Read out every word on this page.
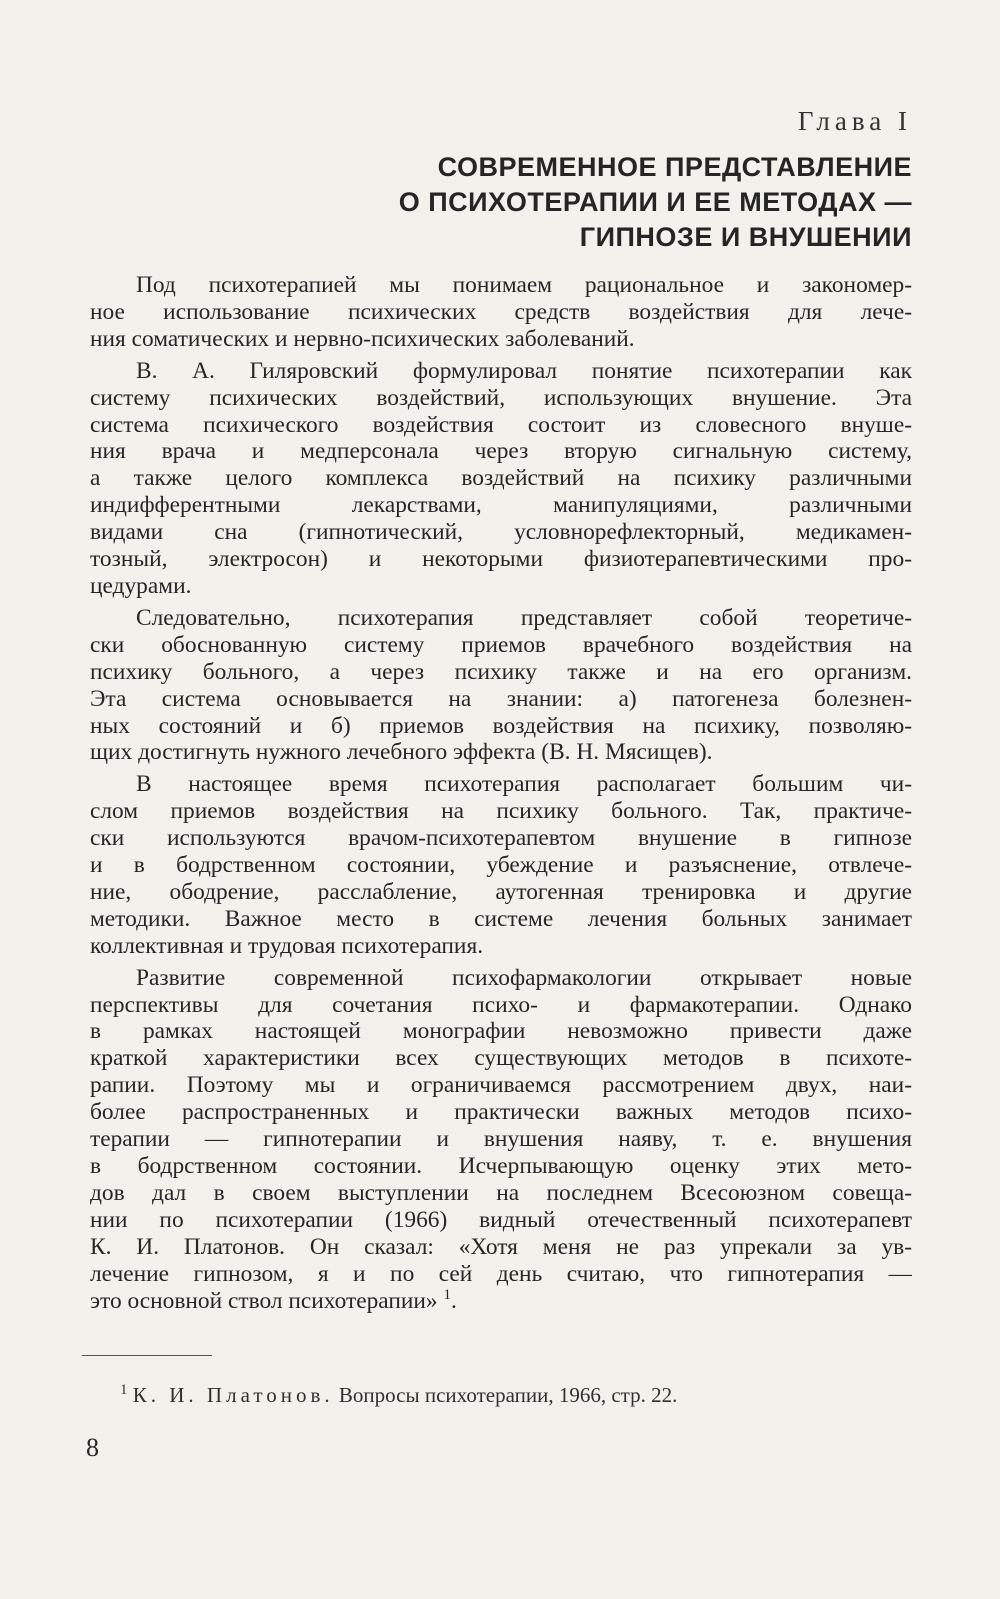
Глава I
СОВРЕМЕННОЕ ПРЕДСТАВЛЕНИЕ
О ПСИХОТЕРАПИИ И ЕЕ МЕТОДАХ —
ГИПНОЗЕ И ВНУШЕНИИ
Под психотерапией мы понимаем рациональное и закономер-
ное использование психических средств воздействия для лече-
ния соматических и нервно-психических заболеваний.
В. А. Гиляровский формулировал понятие психотерапии как
систему психических воздействий, использующих внушение. Эта
система психического воздействия состоит из словесного внуше-
ния врача и медперсонала через вторую сигнальную систему,
а также целого комплекса воздействий на психику различными
индифферентными лекарствами, манипуляциями, различными
видами сна (гипнотический, условнорефлекторный, медикамен-
тозный, электросон) и некоторыми физиотерапевтическими про-
цедурами.
Следовательно, психотерапия представляет собой теоретиче-
ски обоснованную систему приемов врачебного воздействия на
психику больного, а через психику также и на его организм.
Эта система основывается на знании: а) патогенеза болезнен-
ных состояний и б) приемов воздействия на психику, позволяю-
щих достигнуть нужного лечебного эффекта (В. Н. Мясищев).
В настоящее время психотерапия располагает большим чи-
слом приемов воздействия на психику больного. Так, практиче-
ски используются врачом-психотерапевтом внушение в гипнозе
и в бодрственном состоянии, убеждение и разъяснение, отвлече-
ние, ободрение, расслабление, аутогенная тренировка и другие
методики. Важное место в системе лечения больных занимает
коллективная и трудовая психотерапия.
Развитие современной психофармакологии открывает новые
перспективы для сочетания психо- и фармакотерапии. Однако
в рамках настоящей монографии невозможно привести даже
краткой характеристики всех существующих методов в психоте-
рапии. Поэтому мы и ограничиваемся рассмотрением двух, наи-
более распространенных и практически важных методов психо-
терапии — гипнотерапии и внушения наяву, т. е. внушения
в бодрственном состоянии. Исчерпывающую оценку этих мето-
дов дал в своем выступлении на последнем Всесоюзном совеща-
нии по психотерапии (1966) видный отечественный психотерапевт
К. И. Платонов. Он сказал: «Хотя меня не раз упрекали за ув-
лечение гипнозом, я и по сей день считаю, что гипнотерапия —
это основной ствол психотерапии» $^1$.
$^1$ К. И. Платонов. Вопросы психотерапии, 1966, стр. 22.
8
